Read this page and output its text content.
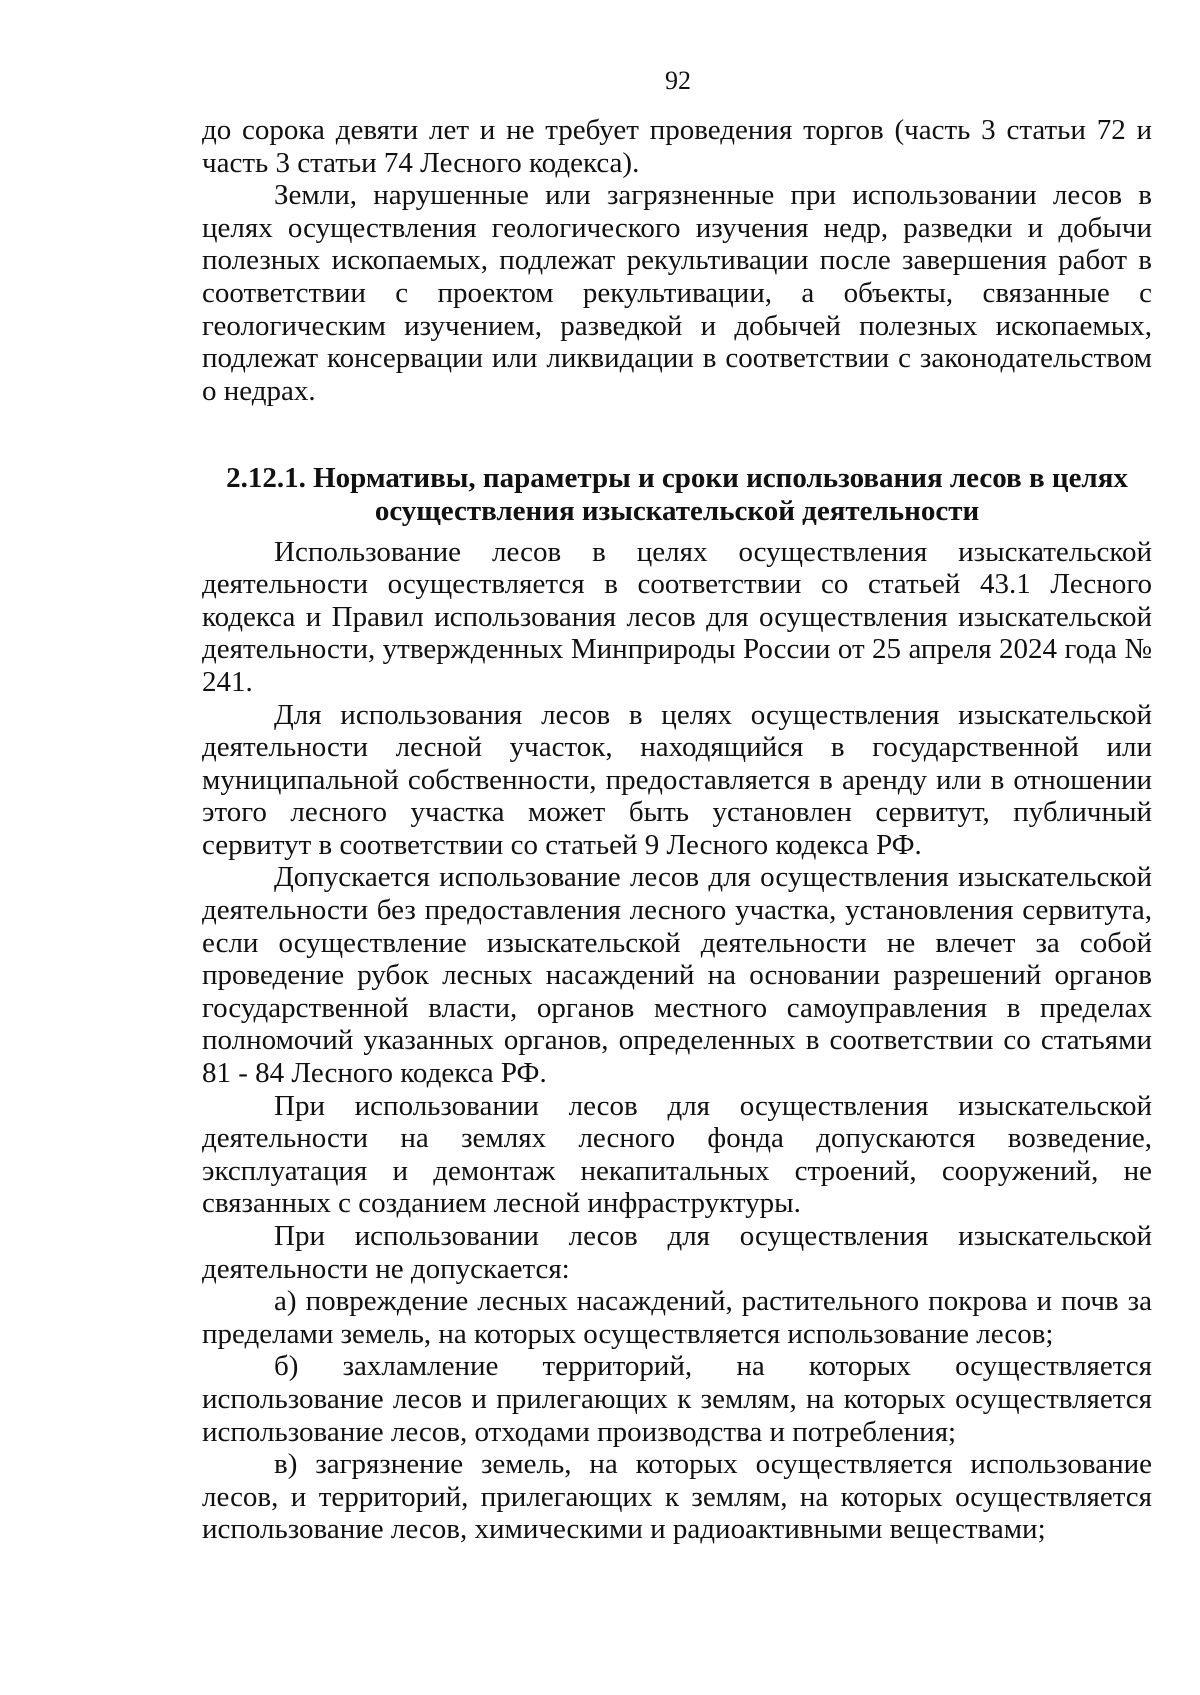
92

до сорока девяти лет и не требует проведения торгов (часть 3 статьи 72 и часть 3 статьи 74 Лесного кодекса).

Земли, нарушенные или загрязненные при использовании лесов в целях осуществления геологического изучения недр, разведки и добычи полезных ископаемых, подлежат рекультивации после завершения работ в соответствии с проектом рекультивации, а объекты, связанные с геологическим изучением, разведкой и добычей полезных ископаемых, подлежат консервации или ликвидации в соответствии с законодательством о недрах.

2.12.1. Нормативы, параметры и сроки использования лесов в целях
осуществления изыскательской деятельности

Использование лесов в целях осуществления изыскательской деятельности осуществляется в соответствии со статьей 43.1 Лесного кодекса и Правил использования лесов для осуществления изыскательской деятельности, утвержденных Минприроды России от 25 апреля 2024 года № 241.

Для использования лесов в целях осуществления изыскательской деятельности лесной участок, находящийся в государственной или муниципальной собственности, предоставляется в аренду или в отношении этого лесного участка может быть установлен сервитут, публичный сервитут в соответствии со статьей 9 Лесного кодекса РФ.

Допускается использование лесов для осуществления изыскательской деятельности без предоставления лесного участка, установления сервитута, если осуществление изыскательской деятельности не влечет за собой проведение рубок лесных насаждений на основании разрешений органов государственной власти, органов местного самоуправления в пределах полномочий указанных органов, определенных в соответствии со статьями 81 - 84 Лесного кодекса РФ.

При использовании лесов для осуществления изыскательской деятельности на землях лесного фонда допускаются возведение, эксплуатация и демонтаж некапитальных строений, сооружений, не связанных с созданием лесной инфраструктуры.

При использовании лесов для осуществления изыскательской деятельности не допускается:

а) повреждение лесных насаждений, растительного покрова и почв за пределами земель, на которых осуществляется использование лесов;

б) захламление территорий, на которых осуществляется использование лесов и прилегающих к землям, на которых осуществляется использование лесов, отходами производства и потребления;

в) загрязнение земель, на которых осуществляется использование лесов, и территорий, прилегающих к землям, на которых осуществляется использование лесов, химическими и радиоактивными веществами;
